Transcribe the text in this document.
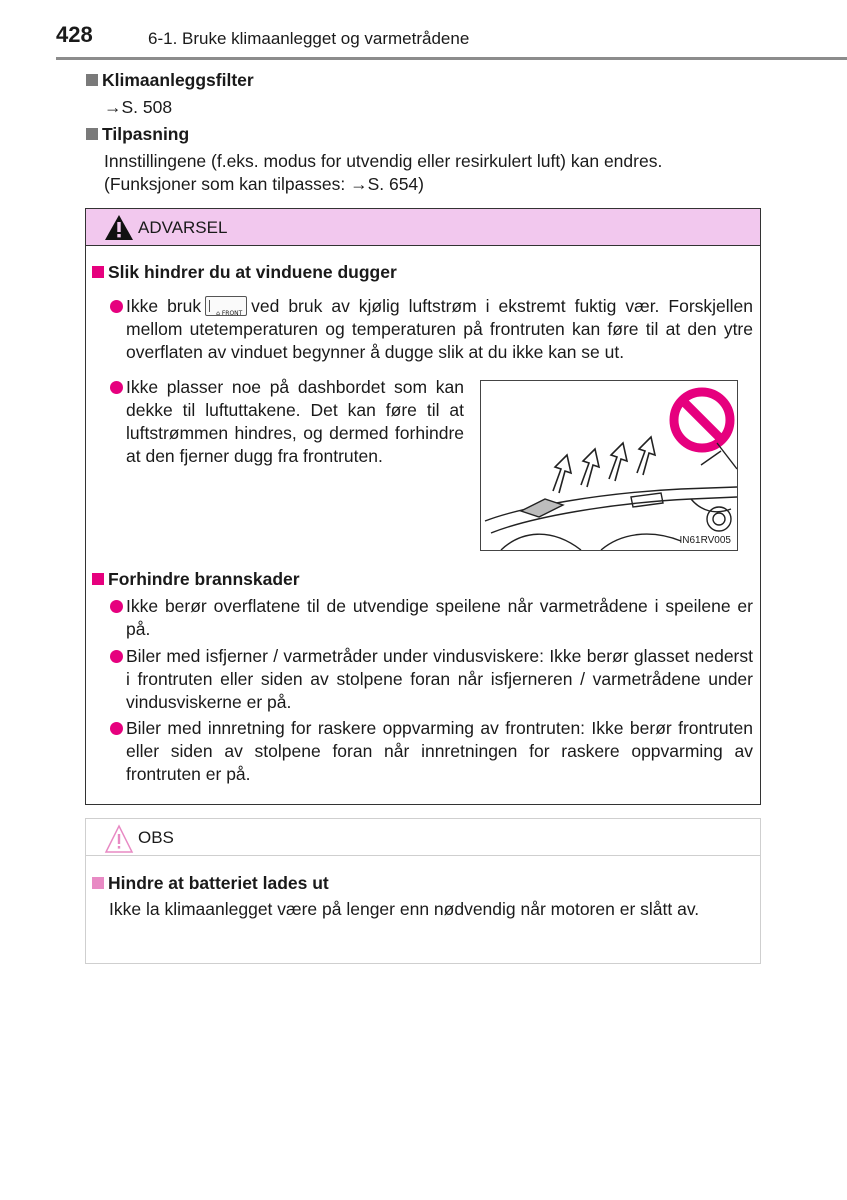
428	6-1. Bruke klimaanlegget og varmetrådene
Klimaanleggsfilter
→S. 508
Tilpasning
Innstillingene (f.eks. modus for utvendig eller resirkulert luft) kan endres.
(Funksjoner som kan tilpasses: →S. 654)
ADVARSEL
Slik hindrer du at vinduene dugger
Ikke bruk⌂ FRONT	ved bruk av kjølig luftstrøm i ekstremt fuktig vær. Forskjellen mellom utetemperaturen og temperaturen på frontruten kan føre til at den ytre overflaten av vinduet begynner å dugge slik at du ikke kan se ut.
Ikke plasser noe på dashbordet som kan dekke til luftuttakene. Det kan føre til at luftstrømmen hindres, og dermed forhindre at den fjerner dugg fra frontruten.
IN61RV005
Forhindre brannskader
Ikke berør overflatene til de utvendige speilene når varmetrådene i speilene er på.
Biler med isfjerner / varmetråder under vindusviskere: Ikke berør glasset nederst i frontruten eller siden av stolpene foran når isfjerneren / varmetrådene under vindusviskerne er på.
Biler med innretning for raskere oppvarming av frontruten: Ikke berør frontruten eller siden av stolpene foran når innretningen for raskere oppvarming av frontruten er på.
OBS
Hindre at batteriet lades ut
Ikke la klimaanlegget være på lenger enn nødvendig når motoren er slått av.
